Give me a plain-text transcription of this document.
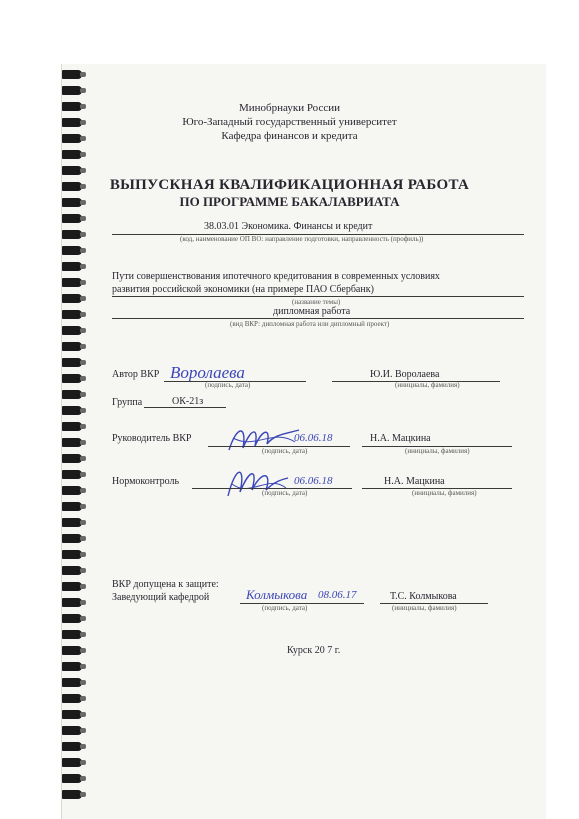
Минобрнауки России
Юго-Западный государственный университет
Кафедра финансов и кредита
ВЫПУСКНАЯ КВАЛИФИКАЦИОННАЯ РАБОТА
ПО ПРОГРАММЕ БАКАЛАВРИАТА
38.03.01 Экономика. Финансы и кредит
(код, наименование ОП ВО: направление подготовки, направленность (профиль))
Пути совершенствования ипотечного кредитования в современных условиях
развития российской экономики (на примере ПАО Сбербанк)
(название темы)
дипломная работа
(вид ВКР: дипломная работа или дипломный проект)
Автор ВКР Воролаева
(подпись, дата)
Ю.И. Воролаева
(инициалы, фамилия)
Группа	ОК-21з
Руководитель ВКР	06.06.18
(подпись, дата)
Н.А. Мацкина
(инициалы, фамилия)
Нормоконтроль	06.06.18
(подпись, дата)
Н.А. Мацкина
(инициалы, фамилия)
ВКР допущена к защите:
Заведующий кафедрой	Колмыкова 08.06.17
(подпись, дата)
Т.С. Колмыкова
(инициалы, фамилия)
Курск 20 7 г.
